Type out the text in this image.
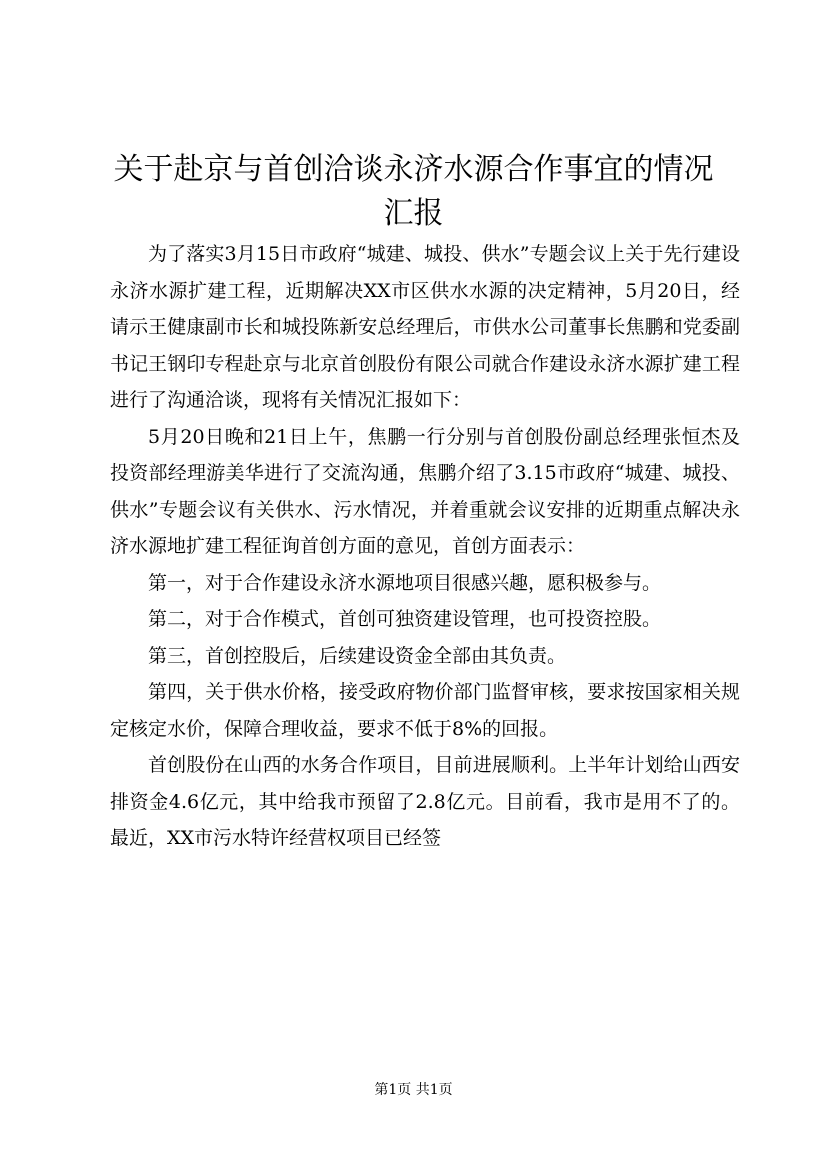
关于赴京与首创洽谈永济水源合作事宜的情况
汇报

为了落实3月15日市政府“城建、城投、供水”专题会议上关于先行建设永济水源扩建工程，近期解决XX市区供水水源的决定精神，5月20日，经请示王健康副市长和城投陈新安总经理后，市供水公司董事长焦鹏和党委副书记王钢印专程赴京与北京首创股份有限公司就合作建设永济水源扩建工程进行了沟通洽谈，现将有关情况汇报如下：

5月20日晚和21日上午，焦鹏一行分别与首创股份副总经理张恒杰及投资部经理游美华进行了交流沟通，焦鹏介绍了3.15市政府“城建、城投、供水”专题会议有关供水、污水情况，并着重就会议安排的近期重点解决永济水源地扩建工程征询首创方面的意见，首创方面表示：

第一，对于合作建设永济水源地项目很感兴趣，愿积极参与。

第二，对于合作模式，首创可独资建设管理，也可投资控股。

第三，首创控股后，后续建设资金全部由其负责。

第四，关于供水价格，接受政府物价部门监督审核，要求按国家相关规定核定水价，保障合理收益，要求不低于8%的回报。

首创股份在山西的水务合作项目，目前进展顺利。上半年计划给山西安排资金4.6亿元，其中给我市预留了2.8亿元。目前看，我市是用不了的。最近，XX市污水特许经营权项目已经签

第1页 共1页
